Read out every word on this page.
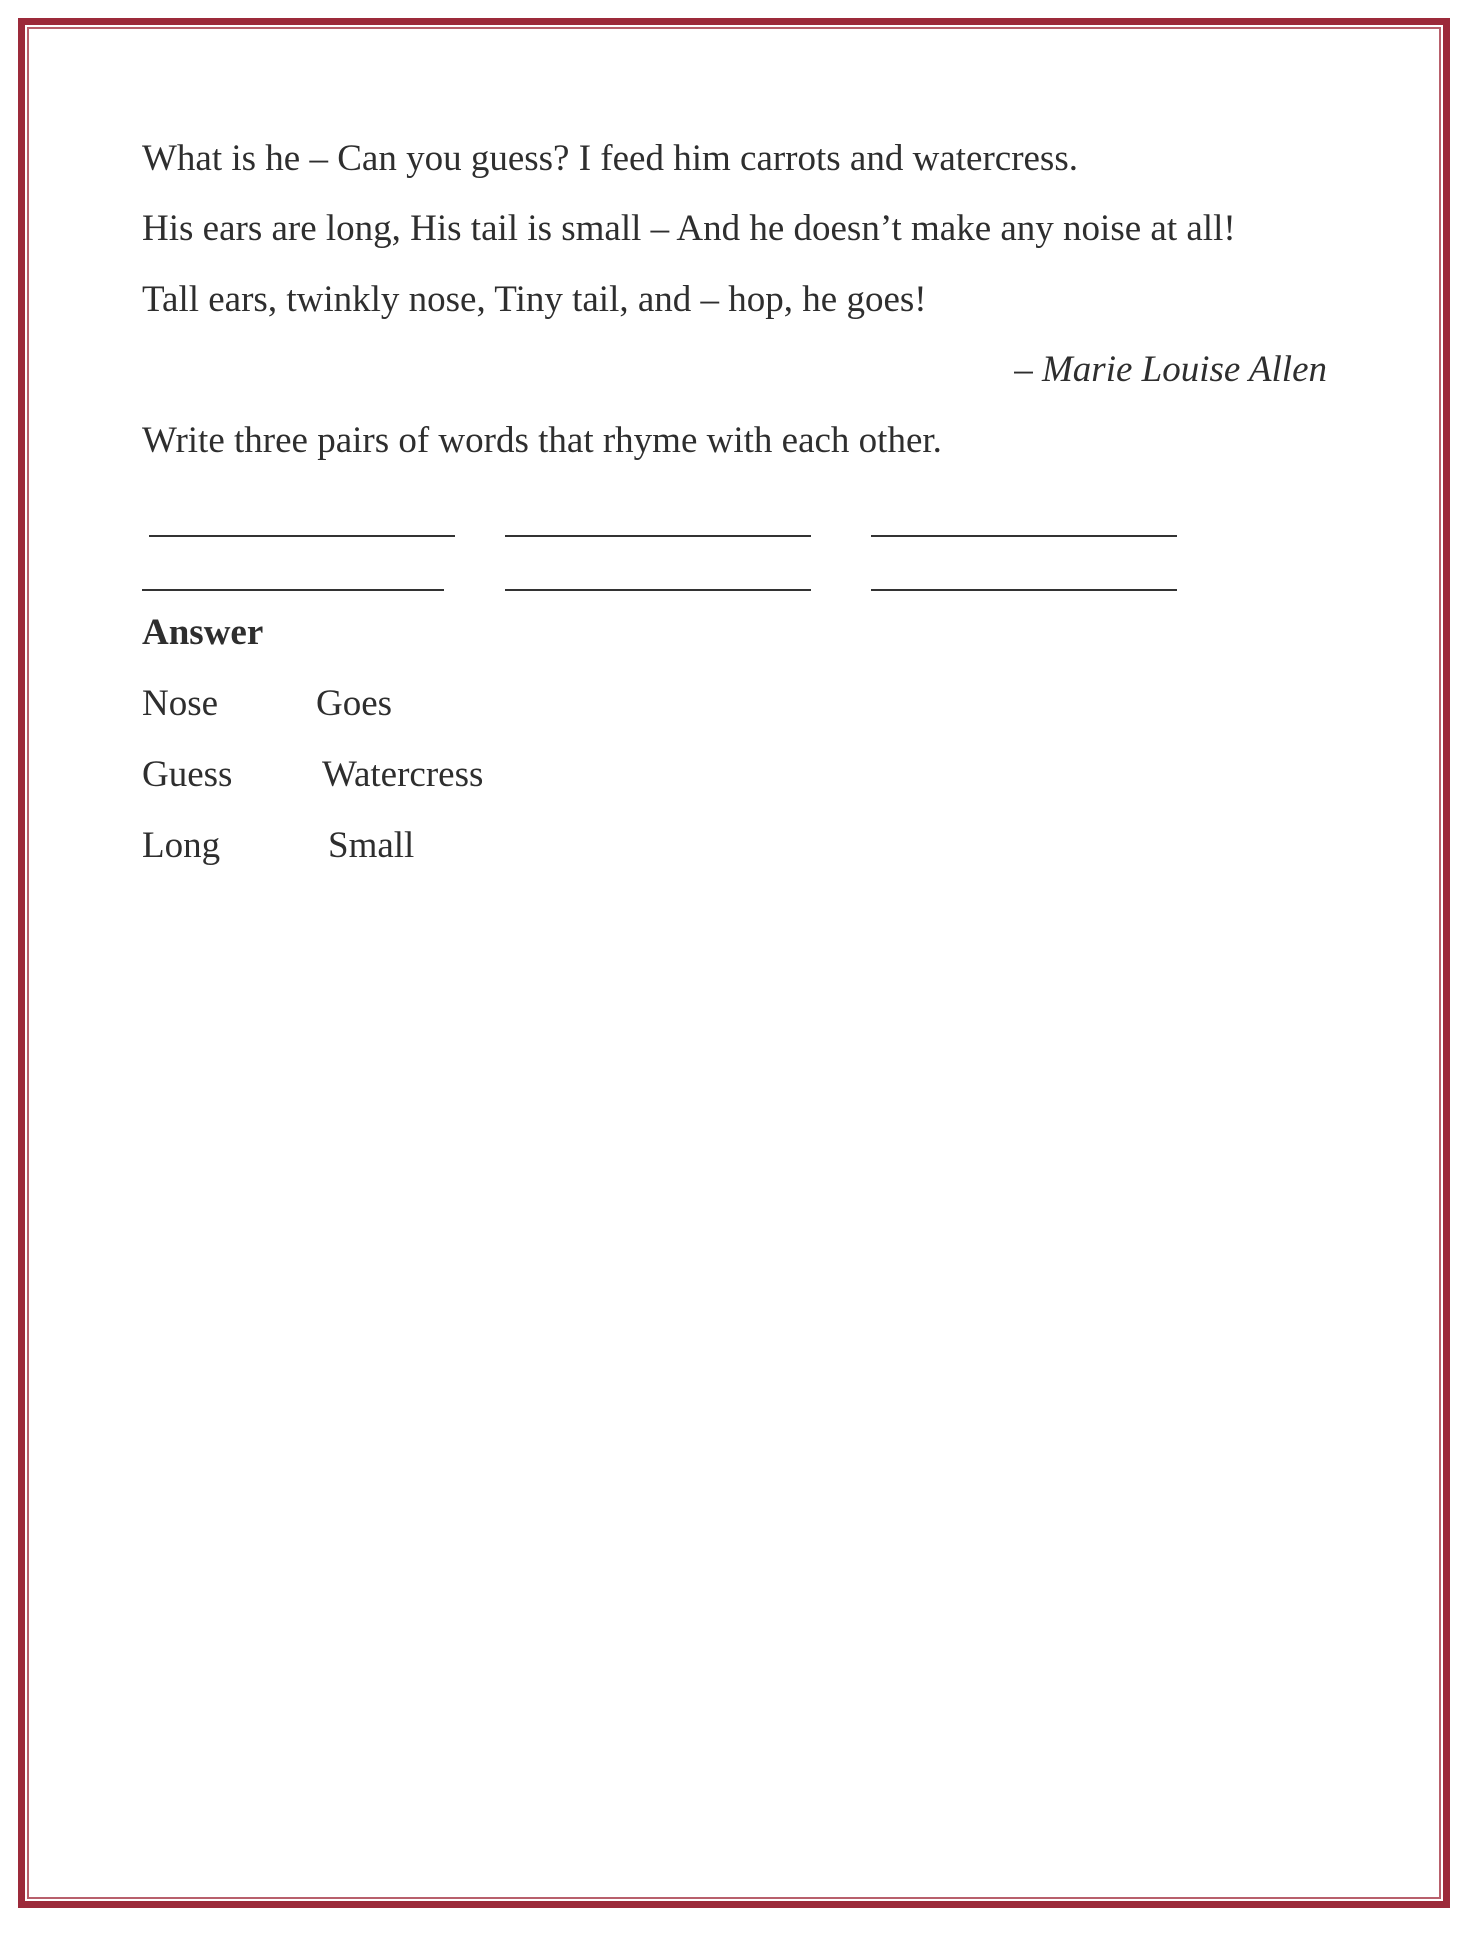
What is he – Can you guess? I feed him carrots and watercress.
His ears are long, His tail is small – And he doesn’t make any noise at all!
Tall ears, twinkly nose, Tiny tail, and – hop, he goes!
– Marie Louise Allen
Write three pairs of words that rhyme with each other.
Answer
Nose	Goes
Guess Watercress
Long	Small
